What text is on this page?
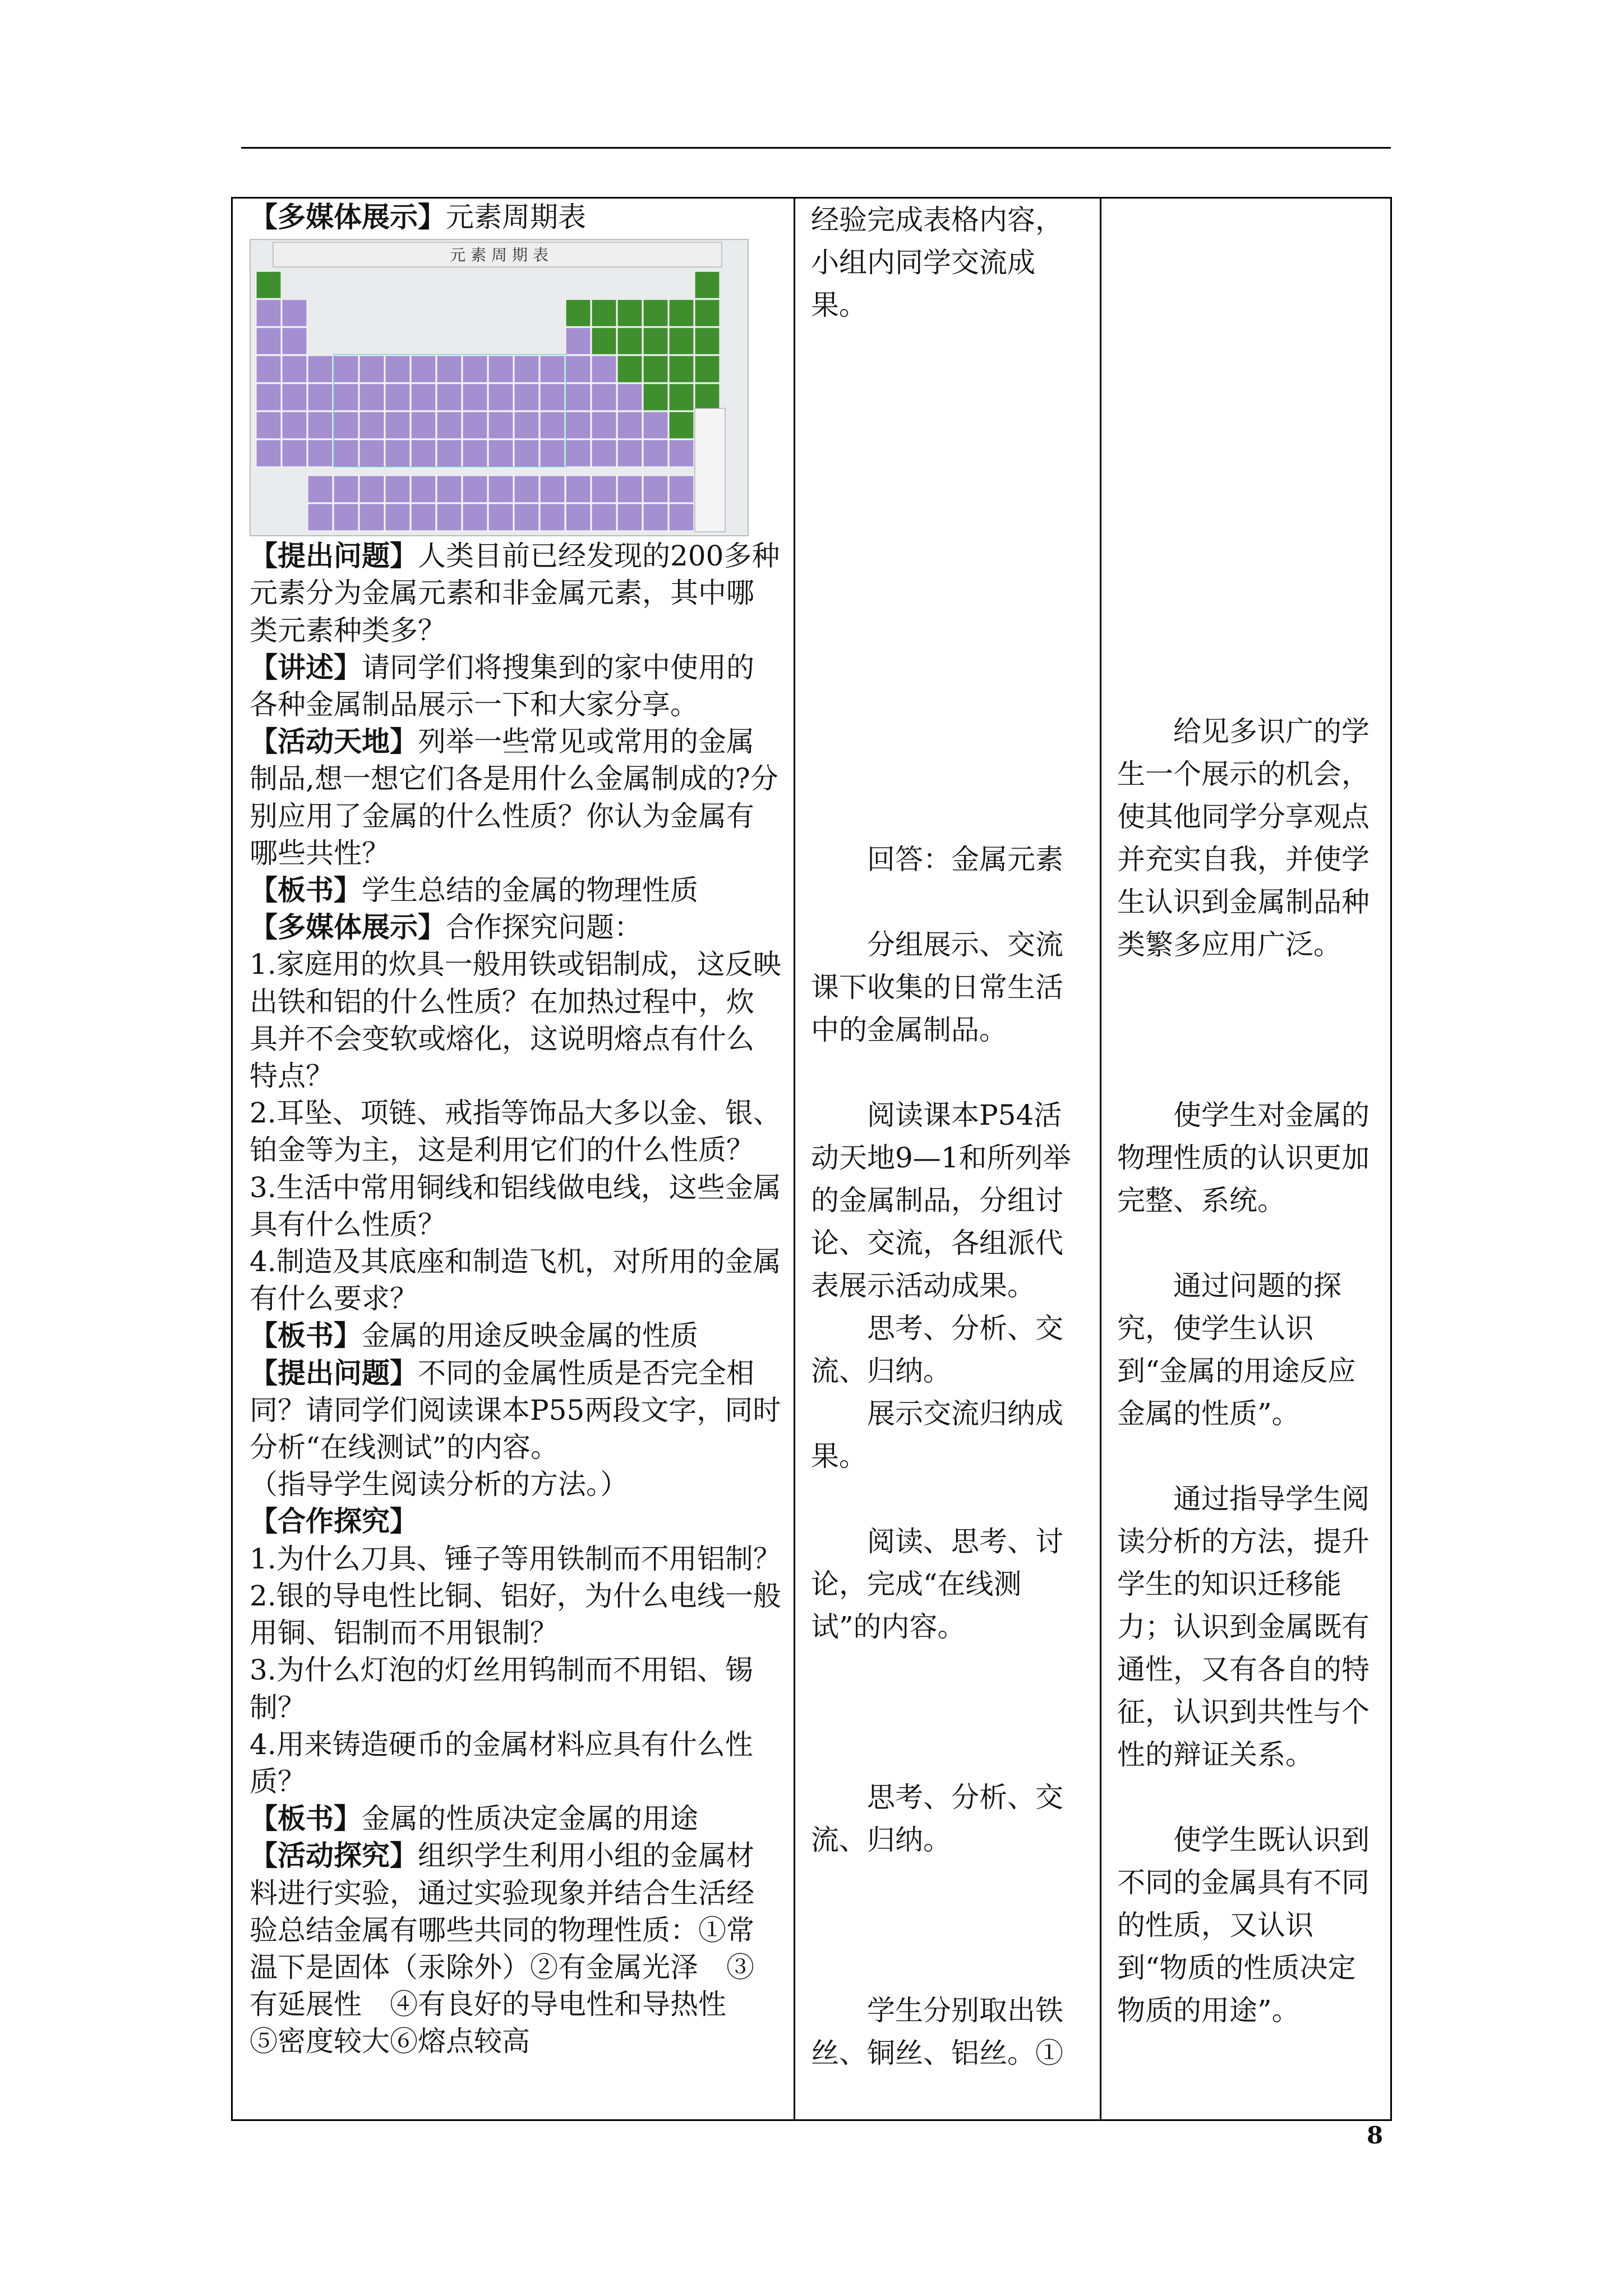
【多媒体展示】元素周期表

元 素 周 期 表

【提出问题】人类目前已经发现的200多种元素分为金属元素和非金属元素，其中哪类元素种类多？

【讲述】请同学们将搜集到的家中使用的各种金属制品展示一下和大家分享。

【活动天地】列举一些常见或常用的金属制品,想一想它们各是用什么金属制成的?分别应用了金属的什么性质？你认为金属有哪些共性？

【板书】学生总结的金属的物理性质

【多媒体展示】合作探究问题：

1.家庭用的炊具一般用铁或铝制成，这反映出铁和铝的什么性质？在加热过程中，炊具并不会变软或熔化，这说明熔点有什么特点？

2.耳坠、项链、戒指等饰品大多以金、银、铂金等为主，这是利用它们的什么性质？

3.生活中常用铜线和铝线做电线，这些金属具有什么性质？

4.制造及其底座和制造飞机，对所用的金属有什么要求？

【板书】金属的用途反映金属的性质

【提出问题】不同的金属性质是否完全相同？请同学们阅读课本P55两段文字，同时分析“在线测试”的内容。

（指导学生阅读分析的方法。）

【合作探究】

1.为什么刀具、锤子等用铁制而不用铝制？

2.银的导电性比铜、铝好，为什么电线一般用铜、铝制而不用银制？

3.为什么灯泡的灯丝用钨制而不用铝、锡制？

4.用来铸造硬币的金属材料应具有什么性质？

【板书】金属的性质决定金属的用途

【活动探究】组织学生利用小组的金属材料进行实验，通过实验现象并结合生活经验总结金属有哪些共同的物理性质：①常温下是固体（汞除外）②有金属光泽　③有延展性　④有良好的导电性和导热性　⑤密度较大⑥熔点较高

经验完成表格内容，小组内同学交流成果。

回答：金属元素

分组展示、交流课下收集的日常生活中的金属制品。

阅读课本P54活动天地9—1和所列举的金属制品，分组讨论、交流，各组派代表展示活动成果。

思考、分析、交流、归纳。

展示交流归纳成果。

阅读、思考、讨论，完成“在线测试”的内容。

思考、分析、交流、归纳。

学生分别取出铁丝、铜丝、铝丝。①

给见多识广的学生一个展示的机会，使其他同学分享观点并充实自我，并使学生认识到金属制品种类繁多应用广泛。

使学生对金属的物理性质的认识更加完整、系统。

通过问题的探究，使学生认识到“金属的用途反应金属的性质”。

通过指导学生阅读分析的方法，提升学生的知识迁移能力；认识到金属既有通性，又有各自的特征，认识到共性与个性的辩证关系。

使学生既认识到不同的金属具有不同的性质，又认识到“物质的性质决定物质的用途”。

8
